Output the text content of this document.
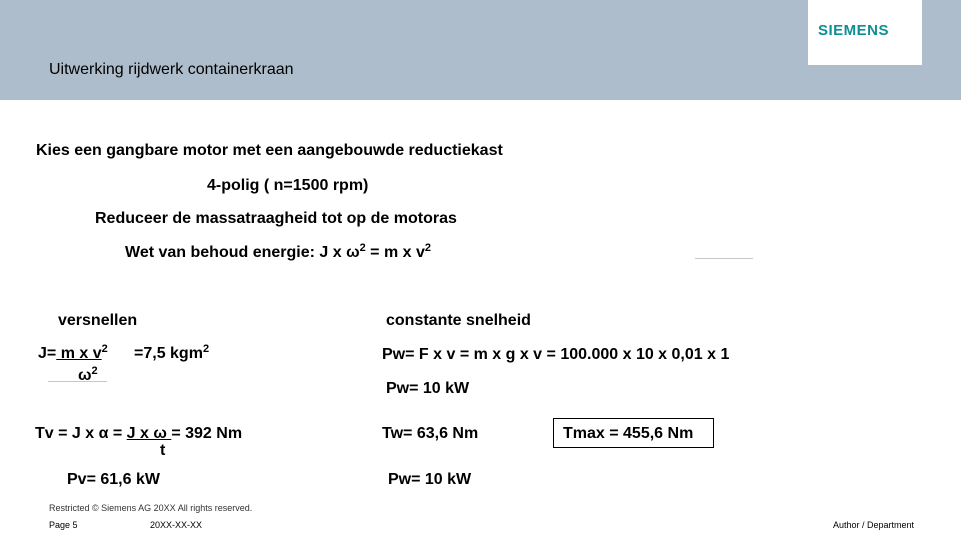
SIEMENS
Uitwerking rijdwerk containerkraan
Kies een gangbare motor met een aangebouwde reductiekast
4-polig ( n=1500 rpm)
Reduceer de massatraagheid tot op de motoras
Wet van behoud energie: J x $\omega^2 = m$ x $v^2$
versnellen
J= m x $v^2 =7,5$ kgm$^2$
$\omega^2$
Tv = J x α = J x ω = 392 Nm
t
Pv= 61,6 kW
constante snelheid
Pw= F x v = m x g x v = 100.000 x 10 x 0,01 x 1
Pw= 10 kW
Tw= 63,6 Nm	Tmax = 455,6 Nm
Pw= 10 kW
Restricted © Siemens AG 20XX All rights reserved.
Page 5	20XX-XX-XX	Author / Department
